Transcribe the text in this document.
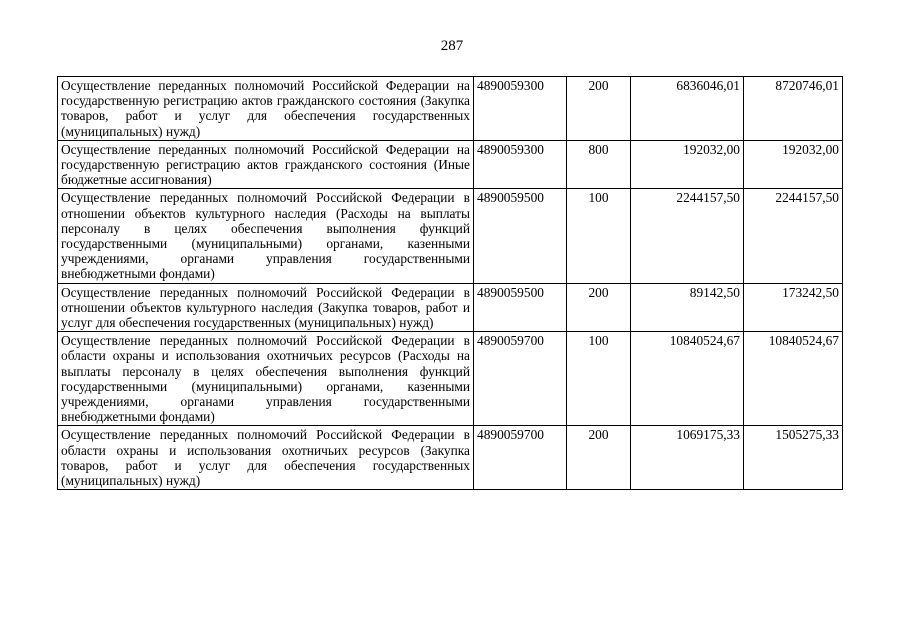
287
Осуществление переданных полномочий Российской Федерации на государственную регистрацию актов гражданского состояния (Закупка товаров, работ и услуг для обеспечения государственных (муниципальных) нужд)	4890059300	200	6836046,01	8720746,01
Осуществление переданных полномочий Российской Федерации на государственную регистрацию актов гражданского состояния (Иные бюджетные ассигнования)	4890059300	800	192032,00	192032,00
Осуществление переданных полномочий Российской Федерации в отношении объектов культурного наследия (Расходы на выплаты персоналу в целях обеспечения выполнения функций государственными (муниципальными) органами, казенными учреждениями, органами управления государственными внебюджетными фондами)	4890059500	100	2244157,50	2244157,50
Осуществление переданных полномочий Российской Федерации в отношении объектов культурного наследия (Закупка товаров, работ и услуг для обеспечения государственных (муниципальных) нужд)	4890059500	200	89142,50	173242,50
Осуществление переданных полномочий Российской Федерации в области охраны и использования охотничьих ресурсов (Расходы на выплаты персоналу в целях обеспечения выполнения функций государственными (муниципальными) органами, казенными учреждениями, органами управления государственными внебюджетными фондами)	4890059700	100	10840524,67	10840524,67
Осуществление переданных полномочий Российской Федерации в области охраны и использования охотничьих ресурсов (Закупка товаров, работ и услуг для обеспечения государственных (муниципальных) нужд)	4890059700	200	1069175,33	1505275,33
